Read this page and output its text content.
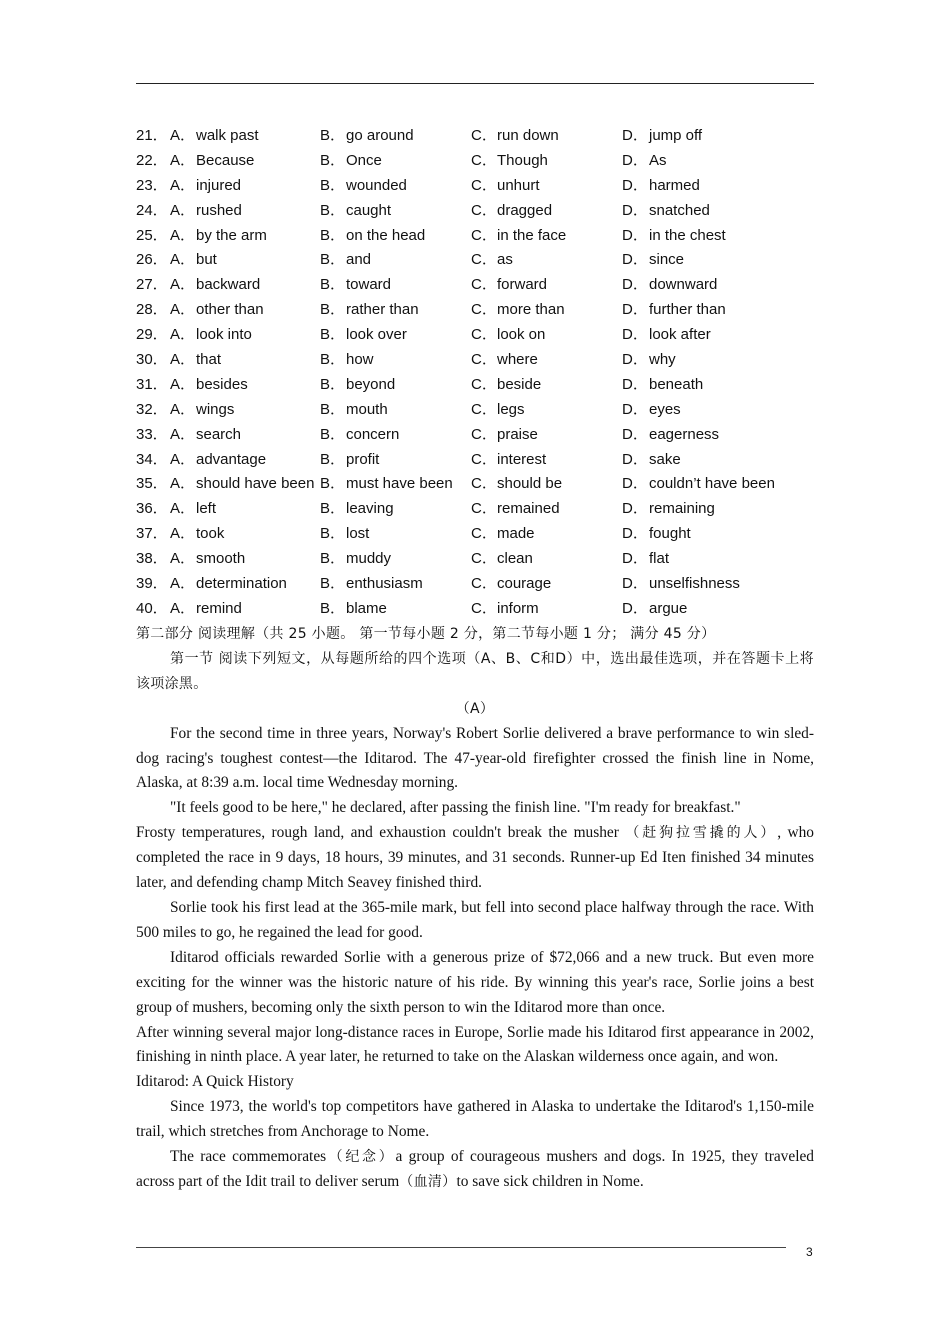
21． A． walk past	B． go around	C． run down	D． jump off
22． A． Because	B． Once	C． Though	D． As
23． A． injured	B． wounded	C． unhurt	D． harmed
24． A． rushed	B． caught	C． dragged	D． snatched
25． A． by the arm	B． on the head	C． in the face	D． in the chest
26． A． but	B． and	C． as	D． since
27． A． backward	B． toward	C． forward	D． downward
28． A． other than	B． rather than	C． more than	D． further than
29． A． look into	B． look over	C． look on	D． look after
30． A． that	B． how	C． where	D． why
31． A． besides	B． beyond	C． beside	D． beneath
32． A． wings	B． mouth	C． legs	D． eyes
33． A． search	B． concern	C． praise	D． eagerness
34． A． advantage	B． profit	C． interest	D． sake
35． A． should have been B． must have been C． should be	D． couldn’t have been
36． A． left	B． leaving	C． remained	D． remaining
37． A． took	B． lost	C． made	D． fought
38． A． smooth	B． muddy	C． clean	D． flat
39． A． determination B． enthusiasm	C． courage	D． unselfishness
40． A． remind	B． blame	C． inform	D． argue

第二部分 阅读理解（共 25 小题。 第一节每小题 2 分，第二节每小题 1 分； 满分 45 分）

第一节 阅读下列短文，从每题所给的四个选项（A、B、C和D）中，选出最佳选项，并在答题卡上将该项涂黑。

（A）

For the second time in three years, Norway's Robert Sorlie delivered a brave performance to win sled-dog racing's toughest contest—the Iditarod. The 47-year-old firefighter crossed the finish line in Nome, Alaska, at 8:39 a.m. local time Wednesday morning.

"It feels good to be here," he declared, after passing the finish line. "I'm ready for breakfast."

Frosty temperatures, rough land, and exhaustion couldn't break the musher （赶狗拉雪撬的人）, who completed the race in 9 days, 18 hours, 39 minutes, and 31 seconds. Runner-up Ed Iten finished 34 minutes later, and defending champ Mitch Seavey finished third.

Sorlie took his first lead at the 365-mile mark, but fell into second place halfway through the race. With 500 miles to go, he regained the lead for good.

Iditarod officials rewarded Sorlie with a generous prize of $72,066 and a new truck. But even more exciting for the winner was the historic nature of his ride. By winning this year's race, Sorlie joins a best group of mushers, becoming only the sixth person to win the Iditarod more than once.

After winning several major long-distance races in Europe, Sorlie made his Iditarod first appearance in 2002, finishing in ninth place. A year later, he returned to take on the Alaskan wilderness once again, and won.

Iditarod: A Quick History

Since 1973, the world's top competitors have gathered in Alaska to undertake the Iditarod's 1,150-mile trail, which stretches from Anchorage to Nome.

The race commemorates（纪念）a group of courageous mushers and dogs. In 1925, they traveled across part of the Idit trail to deliver serum（血清）to save sick children in Nome.

3
